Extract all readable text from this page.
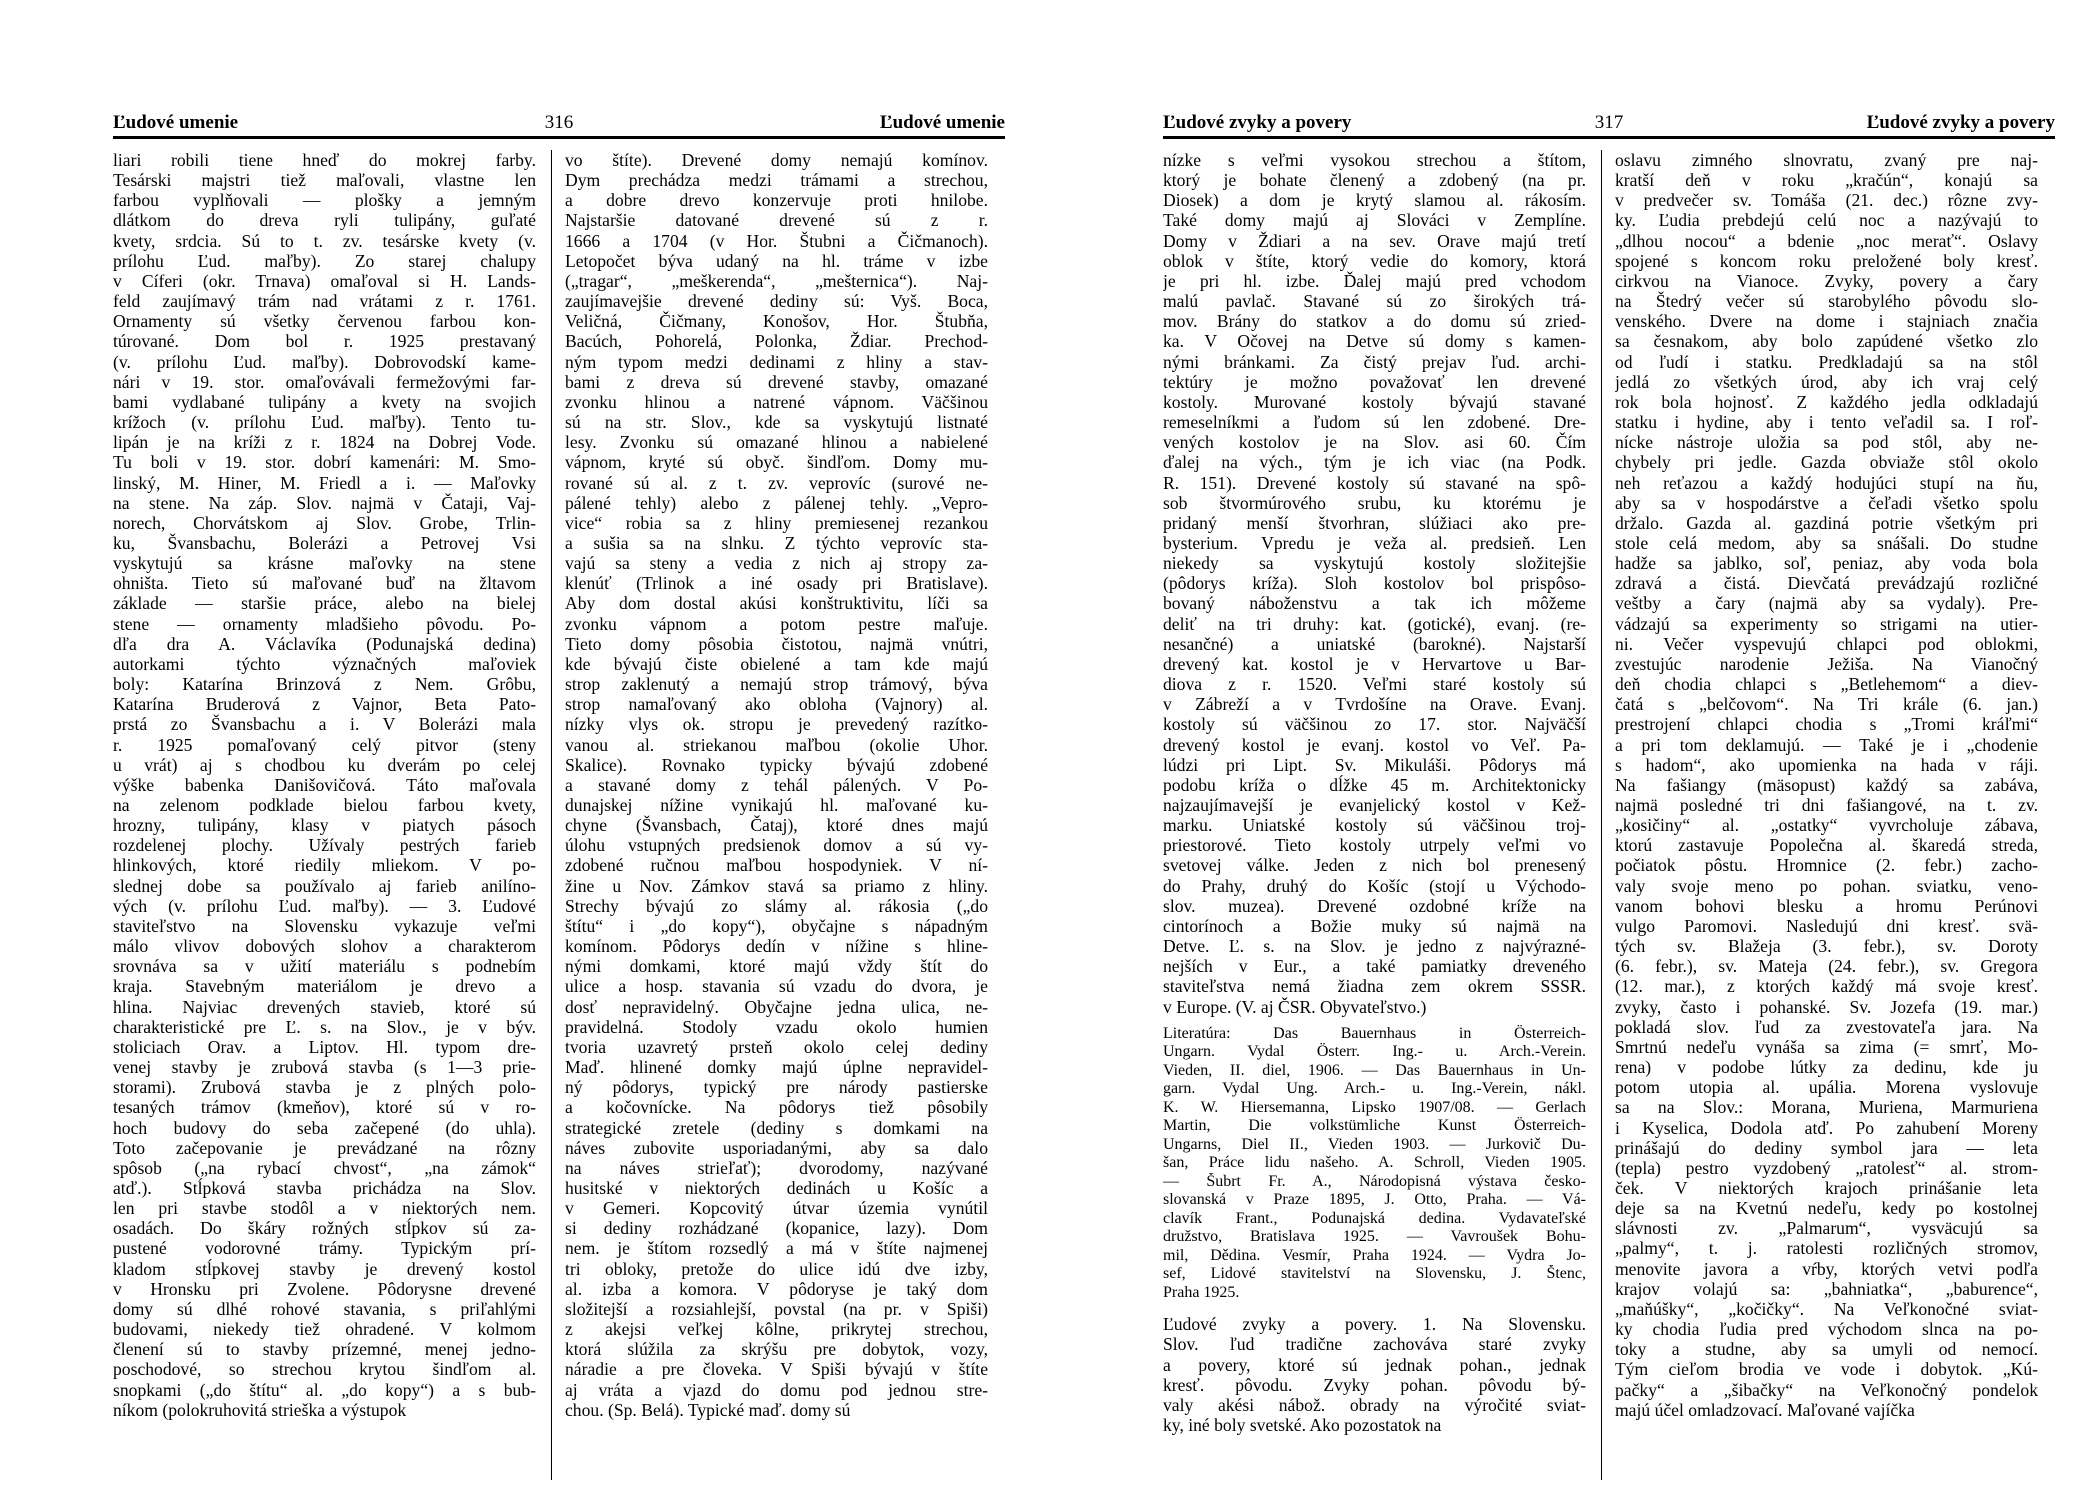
Ľudové umenie	316	Ľudové umenie
liari robili tiene hneď do mokrej farby.
Tesárski majstri tiež maľovali, vlastne len
farbou vyplňovali — plošky a jemným
dlátkom do dreva ryli tulipány, guľaté
kvety, srdcia. Sú to t. zv. tesárske kvety (v.
prílohu Ľud. maľby). Zo starej chalupy
v Cíferi (okr. Trnava) omaľoval si H. Lands-
feld zaujímavý trám nad vrátami z r. 1761.
Ornamenty sú všetky červenou farbou kon-
túrované. Dom bol r. 1925 prestavaný
(v. prílohu Ľud. maľby). Dobrovodskí kame-
nári v 19. stor. omaľovávali fermežovými far-
bami vydlabané tulipány a kvety na svojich
krížoch (v. prílohu Ľud. maľby). Tento tu-
lipán je na kríži z r. 1824 na Dobrej Vode.
Tu boli v 19. stor. dobrí kamenári: M. Smo-
linský, M. Hiner, M. Friedl a i. — Maľovky
na stene. Na záp. Slov. najmä v Čataji, Vaj-
norech, Chorvátskom aj Slov. Grobe, Trlin-
ku, Švansbachu, Bolerázi a Petrovej Vsi
vyskytujú sa krásne maľovky na stene
ohništa. Tieto sú maľované buď na žltavom
základe — staršie práce, alebo na bielej
stene — ornamenty mladšieho pôvodu. Po-
dľa dra A. Václavíka (Podunajská dedina)
autorkami týchto význačných maľoviek
boly: Katarína Brinzová z Nem. Grôbu,
Katarína Bruderová z Vajnor, Beta Pato-
prstá zo Švansbachu a i. V Bolerázi mala
r. 1925 pomaľovaný celý pitvor (steny
u vrát) aj s chodbou ku dverám po celej
výške babenka Danišovičová. Táto maľovala
na zelenom podklade bielou farbou kvety,
hrozny, tulipány, klasy v piatych pásoch
rozdelenej plochy. Užívaly pestrých farieb
hlinkových, ktoré riedily mliekom. V po-
slednej dobe sa používalo aj farieb anilíno-
vých (v. prílohu Ľud. maľby). — 3. Ľudové
staviteľstvo na Slovensku vykazuje veľmi
málo vlivov dobových slohov a charakterom
srovnáva sa v užití materiálu s podnebím
kraja. Stavebným materiálom je drevo a
hlina. Najviac drevených stavieb, ktoré sú
charakteristické pre Ľ. s. na Slov., je v býv.
stoliciach Orav. a Liptov. Hl. typom dre-
venej stavby je zrubová stavba (s 1—3 prie-
storami). Zrubová stavba je z plných polo-
tesaných trámov (kmeňov), ktoré sú v ro-
hoch budovy do seba začepené (do uhla).
Toto začepovanie je prevádzané na rôzny
spôsob („na rybací chvost“, „na zámok“
atď.). Stĺpková stavba prichádza na Slov.
len pri stavbe stodôl a v niektorých nem.
osadách. Do škáry rožných stĺpkov sú za-
pustené vodorovné trámy. Typickým prí-
kladom stĺpkovej stavby je drevený kostol
v Hronsku pri Zvolene. Pôdorysne drevené
domy sú dlhé rohové stavania, s priľahlými
budovami, niekedy tiež ohradené. V kolmom
členení sú to stavby prízemné, menej jedno-
poschodové, so strechou krytou šindľom al.
snopkami („do štítu“ al. „do kopy“) a s bub-
níkom (polokruhovitá strieška a výstupok
vo štíte). Drevené domy nemajú komínov.
Dym prechádza medzi trámami a strechou,
a dobre drevo konzervuje proti hnilobe.
Najstaršie datované drevené sú z r.
1666 a 1704 (v Hor. Štubni a Čičmanoch).
Letopočet býva udaný na hl. tráme v izbe
(„tragar“, „meškerenda“, „mešternica“). Naj-
zaujímavejšie drevené dediny sú: Vyš. Boca,
Veličná, Čičmany, Konošov, Hor. Štubňa,
Bacúch, Pohorelá, Polonka, Ždiar. Prechod-
ným typom medzi dedinami z hliny a stav-
bami z dreva sú drevené stavby, omazané
zvonku hlinou a natrené vápnom. Väčšinou
sú na str. Slov., kde sa vyskytujú listnaté
lesy. Zvonku sú omazané hlinou a nabielené
vápnom, kryté sú obyč. šindľom. Domy mu-
rované sú al. z t. zv. veprovíc (surové ne-
pálené tehly) alebo z pálenej tehly. „Vepro-
vice“ robia sa z hliny premiesenej rezankou
a sušia sa na slnku. Z týchto veprovíc sta-
vajú sa steny a vedia z nich aj stropy za-
klenúť (Trlinok a iné osady pri Bratislave).
Aby dom dostal akúsi konštruktivitu, líči sa
zvonku vápnom a potom pestre maľuje.
Tieto domy pôsobia čistotou, najmä vnútri,
kde bývajú čiste obielené a tam kde majú
strop zaklenutý a nemajú strop trámový, býva
strop namaľovaný ako obloha (Vajnory) al.
nízky vlys ok. stropu je prevedený razítko-
vanou al. striekanou maľbou (okolie Uhor.
Skalice). Rovnako typicky bývajú zdobené
a stavané domy z tehál pálených. V Po-
dunajskej nížine vynikajú hl. maľované ku-
chyne (Švansbach, Čataj), ktoré dnes majú
úlohu vstupných predsienok domov a sú vy-
zdobené ručnou maľbou hospodyniek. V ní-
žine u Nov. Zámkov stavá sa priamo z hliny.
Strechy bývajú zo slámy al. rákosia („do
štítu“ i „do kopy“), obyčajne s nápadným
komínom. Pôdorys dedín v nížine s hline-
nými domkami, ktoré majú vždy štít do
ulice a hosp. stavania sú vzadu do dvora, je
dosť nepravidelný. Obyčajne jedna ulica, ne-
pravidelná. Stodoly vzadu okolo humien
tvoria uzavretý prsteň okolo celej dediny
Maď. hlinené domky majú úplne nepravidel-
ný pôdorys, typický pre národy pastierske
a kočovnícke. Na pôdorys tiež pôsobily
strategické zretele (dediny s domkami na
náves zubovite usporiadanými, aby sa dalo
na náves strieľať); dvorodomy, nazývané
husitské v niektorých dedinách u Košíc a
v Gemeri. Kopcovitý útvar územia vynútil
si dediny rozhádzané (kopanice, lazy). Dom
nem. je štítom rozsedlý a má v štíte najmenej
tri obloky, pretože do ulice idú dve izby,
al. izba a komora. V pôdoryse je taký dom
složitejší a rozsiahlejší, povstal (na pr. v Spiši)
z akejsi veľkej kôlne, prikrytej strechou,
ktorá slúžila za skrýšu pre dobytok, vozy,
náradie a pre človeka. V Spiši bývajú v štíte
aj vráta a vjazd do domu pod jednou stre-
chou. (Sp. Belá). Typické maď. domy sú
Ľudové zvyky a povery	317	Ľudové zvyky a povery
nízke s veľmi vysokou strechou a štítom,
ktorý je bohate členený a zdobený (na pr.
Diosek) a dom je krytý slamou al. rákosím.
Také domy majú aj Slováci v Zemplíne.
Domy v Ždiari a na sev. Orave majú tretí
oblok v štíte, ktorý vedie do komory, ktorá
je pri hl. izbe. Ďalej majú pred vchodom
malú pavlač. Stavané sú zo širokých trá-
mov. Brány do statkov a do domu sú zried-
ka. V Očovej na Detve sú domy s kamen-
nými bránkami. Za čistý prejav ľud. archi-
tektúry je možno považovať len drevené
kostoly. Murované kostoly bývajú stavané
remeselníkmi a ľudom sú len zdobené. Dre-
vených kostolov je na Slov. asi 60. Čím
ďalej na vých., tým je ich viac (na Podk.
R. 151). Drevené kostoly sú stavané na spô-
sob štvormúrového srubu, ku ktorému je
pridaný menší štvorhran, slúžiaci ako pre-
bysterium. Vpredu je veža al. predsieň. Len
niekedy sa vyskytujú kostoly složitejšie
(pôdorys kríža). Sloh kostolov bol prispôso-
bovaný náboženstvu a tak ich môžeme
deliť na tri druhy: kat. (gotické), evanj. (re-
nesančné) a uniatské (barokné). Najstarší
drevený kat. kostol je v Hervartove u Bar-
diova z r. 1520. Veľmi staré kostoly sú
v Zábreží a v Tvrdošíne na Orave. Evanj.
kostoly sú väčšinou zo 17. stor. Najväčší
drevený kostol je evanj. kostol vo Veľ. Pa-
lúdzi pri Lipt. Sv. Mikuláši. Pôdorys má
podobu kríža o dĺžke 45 m. Architektonicky
najzaujímavejší je evanjelický kostol v Kež-
marku. Uniatské kostoly sú väčšinou troj-
priestorové. Tieto kostoly utrpely veľmi vo
svetovej válke. Jeden z nich bol prenesený
do Prahy, druhý do Košíc (stojí u Východo-
slov. muzea). Drevené ozdobné kríže na
cintorínoch a Božie muky sú najmä na
Detve. Ľ. s. na Slov. je jedno z najvýrazné-
nejších v Eur., a také pamiatky dreveného
staviteľstva nemá žiadna zem okrem SSSR.
v Europe. (V. aj ČSR. Obyvateľstvo.)
Literatúra: Das Bauernhaus in Österreich-
Ungarn. Vydal Österr. Ing.- u. Arch.-Verein.
Vieden, II. diel, 1906. — Das Bauernhaus in Un-
garn. Vydal Ung. Arch.- u. Ing.-Verein, nákl.
K. W. Hiersemanna, Lipsko 1907/08. — Gerlach
Martin, Die volkstümliche Kunst Österreich-
Ungarns, Diel II., Vieden 1903. — Jurkovič Du-
šan, Práce lidu našeho. A. Schroll, Vieden 1905.
— Šubrt Fr. A., Národopisná výstava česko-
slovanská v Praze 1895, J. Otto, Praha. — Vá-
clavík Frant., Podunajská dedina. Vydavateľské
družstvo, Bratislava 1925. — Vavroušek Bohu-
mil, Dědina. Vesmír, Praha 1924. — Vydra Jo-
sef, Lidové stavitelství na Slovensku, J. Štenc,
Praha 1925.
Ľudové zvyky a povery. 1. Na Slovensku.
Slov. ľud tradične zachováva staré zvyky
a povery, ktoré sú jednak pohan., jednak
kresť. pôvodu. Zvyky pohan. pôvodu bý-
valy akési nábož. obrady na výročité sviat-
ky, iné boly svetské. Ako pozostatok na
oslavu zimného slnovratu, zvaný pre naj-
kratší deň v roku „kračún“, konajú sa
v predvečer sv. Tomáša (21. dec.) rôzne zvy-
ky. Ľudia prebdejú celú noc a nazývajú to
„dlhou nocou“ a bdenie „noc merať“. Oslavy
spojené s koncom roku preložené boly kresť.
cirkvou na Vianoce. Zvyky, povery a čary
na Štedrý večer sú starobylého pôvodu slo-
venského. Dvere na dome i stajniach značia
sa česnakom, aby bolo zapúdené všetko zlo
od ľudí i statku. Predkladajú sa na stôl
jedlá zo všetkých úrod, aby ich vraj celý
rok bola hojnosť. Z každého jedla odkladajú
statku i hydine, aby i tento veľadil sa. I roľ-
nícke nástroje uložia sa pod stôl, aby ne-
chybely pri jedle. Gazda obviaže stôl okolo
neh reťazou a každý hodujúci stupí na ňu,
aby sa v hospodárstve a čeľadi všetko spolu
držalo. Gazda al. gazdiná potrie všetkým pri
stole celá medom, aby sa snášali. Do studne
hadže sa jablko, soľ, peniaz, aby voda bola
zdravá a čistá. Dievčatá prevádzajú rozličné
veštby a čary (najmä aby sa vydaly). Pre-
vádzajú sa experimenty so strigami na utier-
ni. Večer vyspevujú chlapci pod oblokmi,
zvestujúc narodenie Ježiša. Na Vianočný
deň chodia chlapci s „Betlehemom“ a diev-
čatá s „belčovom“. Na Tri krále (6. jan.)
prestrojení chlapci chodia s „Tromi kráľmi“
a pri tom deklamujú. — Také je i „chodenie
s hadom“, ako upomienka na hada v ráji.
Na fašiangy (mäsopust) každý sa zabáva,
najmä posledné tri dni fašiangové, na t. zv.
„kosičiny“ al. „ostatky“ vyvrcholuje zábava,
ktorú zastavuje Popolečna al. škaredá streda,
počiatok pôstu. Hromnice (2. febr.) zacho-
valy svoje meno po pohan. sviatku, veno-
vanom bohovi blesku a hromu Perúnovi
vulgo Paromovi. Nasledujú dni kresť. svä-
tých sv. Blažeja (3. febr.), sv. Doroty
(6. febr.), sv. Mateja (24. febr.), sv. Gregora
(12. mar.), z ktorých každý má svoje kresť.
zvyky, často i pohanské. Sv. Jozefa (19. mar.)
pokladá slov. ľud za zvestovateľa jara. Na
Smrtnú nedeľu vynáša sa zima (= smrť, Mo-
rena) v podobe lútky za dedinu, kde ju
potom utopia al. upália. Morena vyslovuje
sa na Slov.: Morana, Muriena, Marmuriena
i Kyselica, Dodola atď. Po zahubení Moreny
prinášajú do dediny symbol jara — leta
(tepla) pestro vyzdobený „ratolesť“ al. strom-
ček. V niektorých krajoch prinášanie leta
deje sa na Kvetnú nedeľu, kedy po kostolnej
slávnosti zv. „Palmarum“, vysväcujú sa
„palmy“, t. j. ratolesti rozličných stromov,
menovite javora a vŕby, ktorých vetvi podľa
krajov volajú sa: „bahniatka“, „baburence“,
„maňúšky“, „kočičky“. Na Veľkonočné sviat-
ky chodia ľudia pred východom slnca na po-
toky a studne, aby sa umyli od nemocí.
Tým cieľom brodia ve vode i dobytok. „Kú-
pačky“ a „šibačky“ na Veľkonočný pondelok
majú účel omladzovací. Maľované vajíčka
